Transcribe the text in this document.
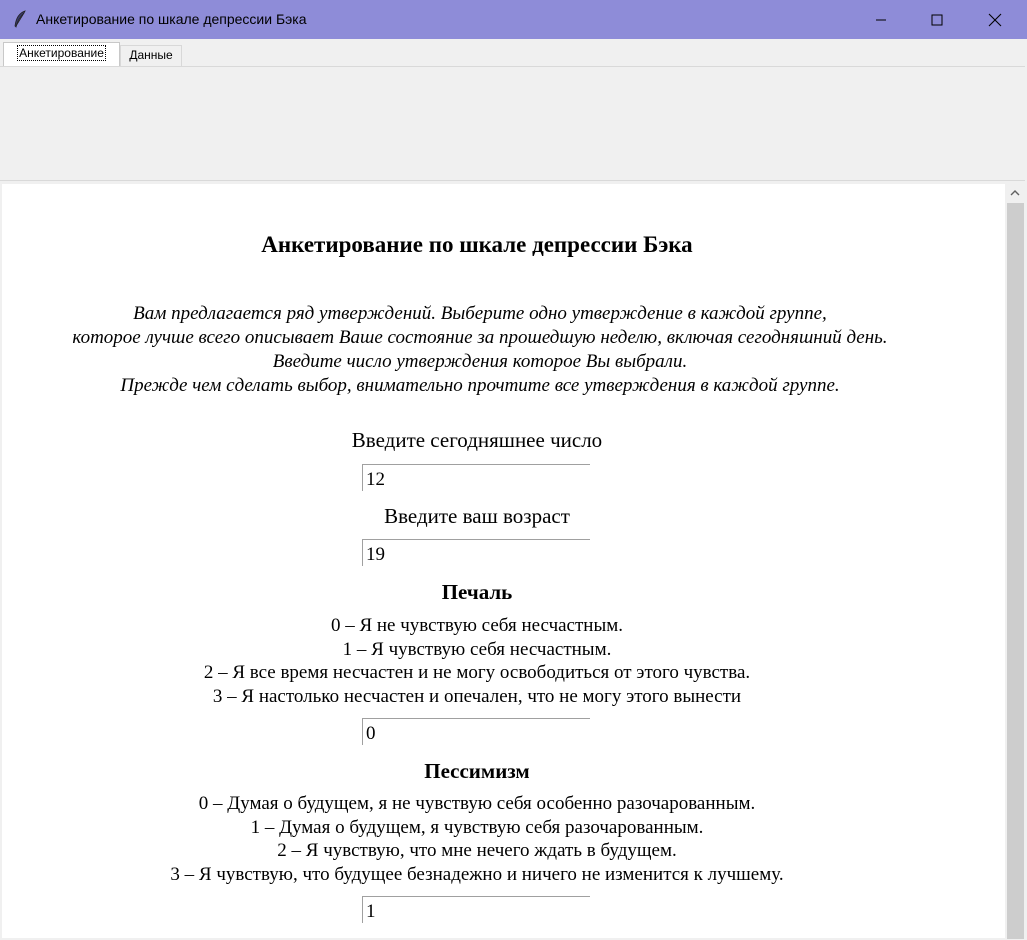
Анкетирование по шкале депрессии Бэка
Анкетирование	Данные
Анкетирование по шкале депрессии Бэка
Вам предлагается ряд утверждений. Выберите одно утверждение в каждой группе,
которое лучше всего описывает Ваше состояние за прошедшую неделю, включая сегодняшний день.
Введите число утверждения которое Вы выбрали.
Прежде чем сделать выбор, внимательно прочтите все утверждения в каждой группе.
Введите сегодняшнее число
12
Введите ваш возраст
19
Печаль
0 – Я не чувствую себя несчастным.
1 – Я чувствую себя несчастным.
2 – Я все время несчастен и не могу освободиться от этого чувства.
3 – Я настолько несчастен и опечален, что не могу этого вынести
0
Пессимизм
0 – Думая о будущем, я не чувствую себя особенно разочарованным.
1 – Думая о будущем, я чувствую себя разочарованным.
2 – Я чувствую, что мне нечего ждать в будущем.
3 – Я чувствую, что будущее безнадежно и ничего не изменится к лучшему.
1
